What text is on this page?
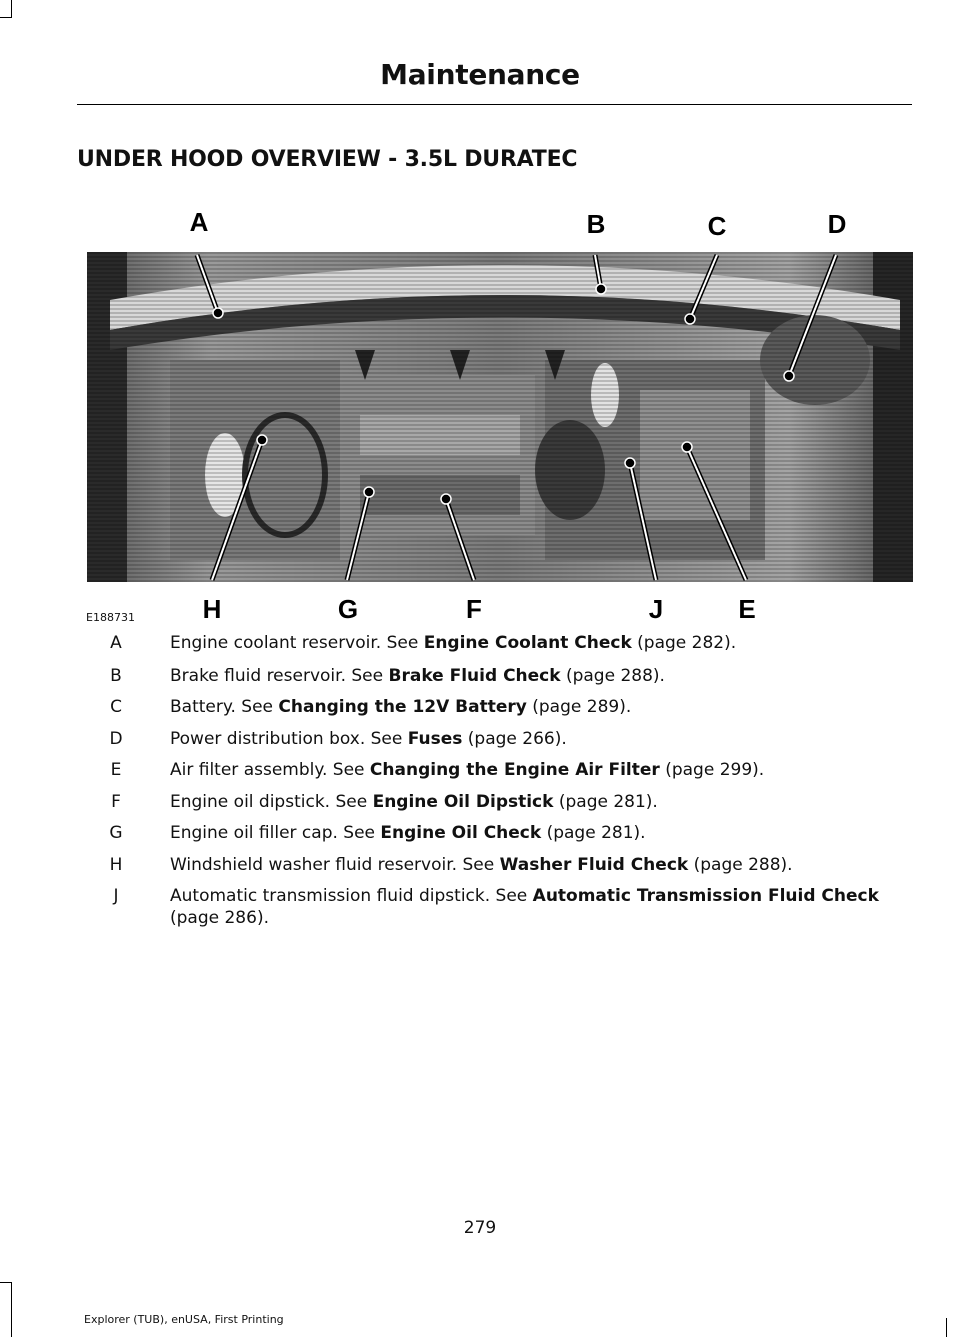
Maintenance
UNDER HOOD OVERVIEW - 3.5L DURATEC
A	B	C	D
H	G	F	J	E
E188731
A	Engine coolant reservoir. See Engine Coolant Check (page 282).
B	Brake fluid reservoir. See Brake Fluid Check (page 288).
C	Battery. See Changing the 12V Battery (page 289).
D	Power distribution box. See Fuses (page 266).
E	Air filter assembly. See Changing the Engine Air Filter (page 299).
F	Engine oil dipstick. See Engine Oil Dipstick (page 281).
G	Engine oil filler cap. See Engine Oil Check (page 281).
H	Windshield washer fluid reservoir. See Washer Fluid Check (page 288).
J	Automatic transmission fluid dipstick. See Automatic Transmission Fluid Check (page 286).
279
Explorer (TUB), enUSA, First Printing
